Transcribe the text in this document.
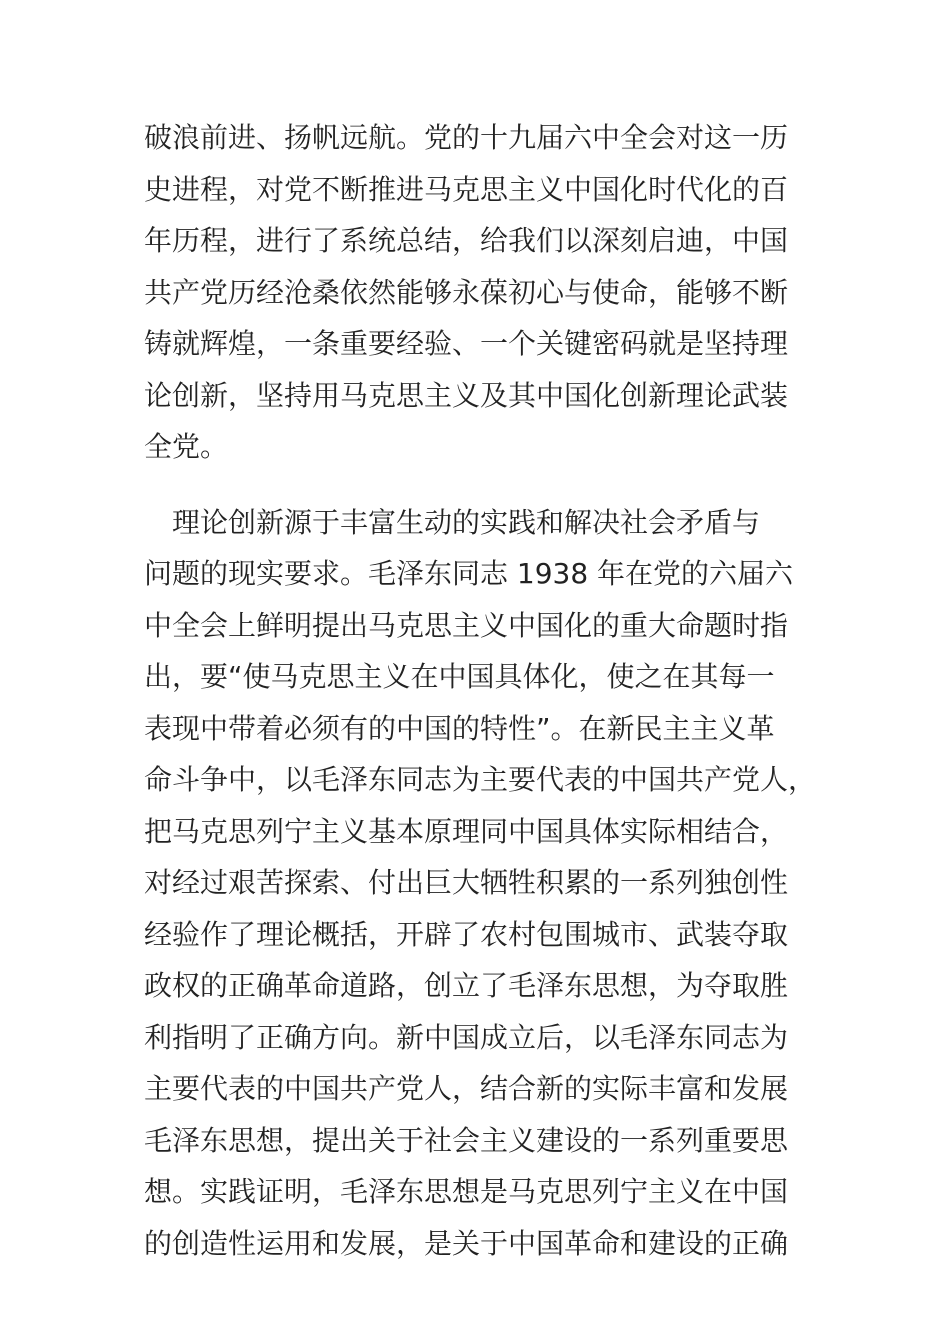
破浪前进、扬帆远航。党的十九届六中全会对这一历
史进程，对党不断推进马克思主义中国化时代化的百
年历程，进行了系统总结，给我们以深刻启迪，中国
共产党历经沧桑依然能够永葆初心与使命，能够不断
铸就辉煌，一条重要经验、一个关键密码就是坚持理
论创新，坚持用马克思主义及其中国化创新理论武装
全党。
　理论创新源于丰富生动的实践和解决社会矛盾与
问题的现实要求。毛泽东同志 1938 年在党的六届六
中全会上鲜明提出马克思主义中国化的重大命题时指
出，要“使马克思主义在中国具体化，使之在其每一
表现中带着必须有的中国的特性”。在新民主主义革
命斗争中，以毛泽东同志为主要代表的中国共产党人，
把马克思列宁主义基本原理同中国具体实际相结合，
对经过艰苦探索、付出巨大牺牲积累的一系列独创性
经验作了理论概括，开辟了农村包围城市、武装夺取
政权的正确革命道路，创立了毛泽东思想，为夺取胜
利指明了正确方向。新中国成立后，以毛泽东同志为
主要代表的中国共产党人，结合新的实际丰富和发展
毛泽东思想，提出关于社会主义建设的一系列重要思
想。实践证明，毛泽东思想是马克思列宁主义在中国
的创造性运用和发展，是关于中国革命和建设的正确
